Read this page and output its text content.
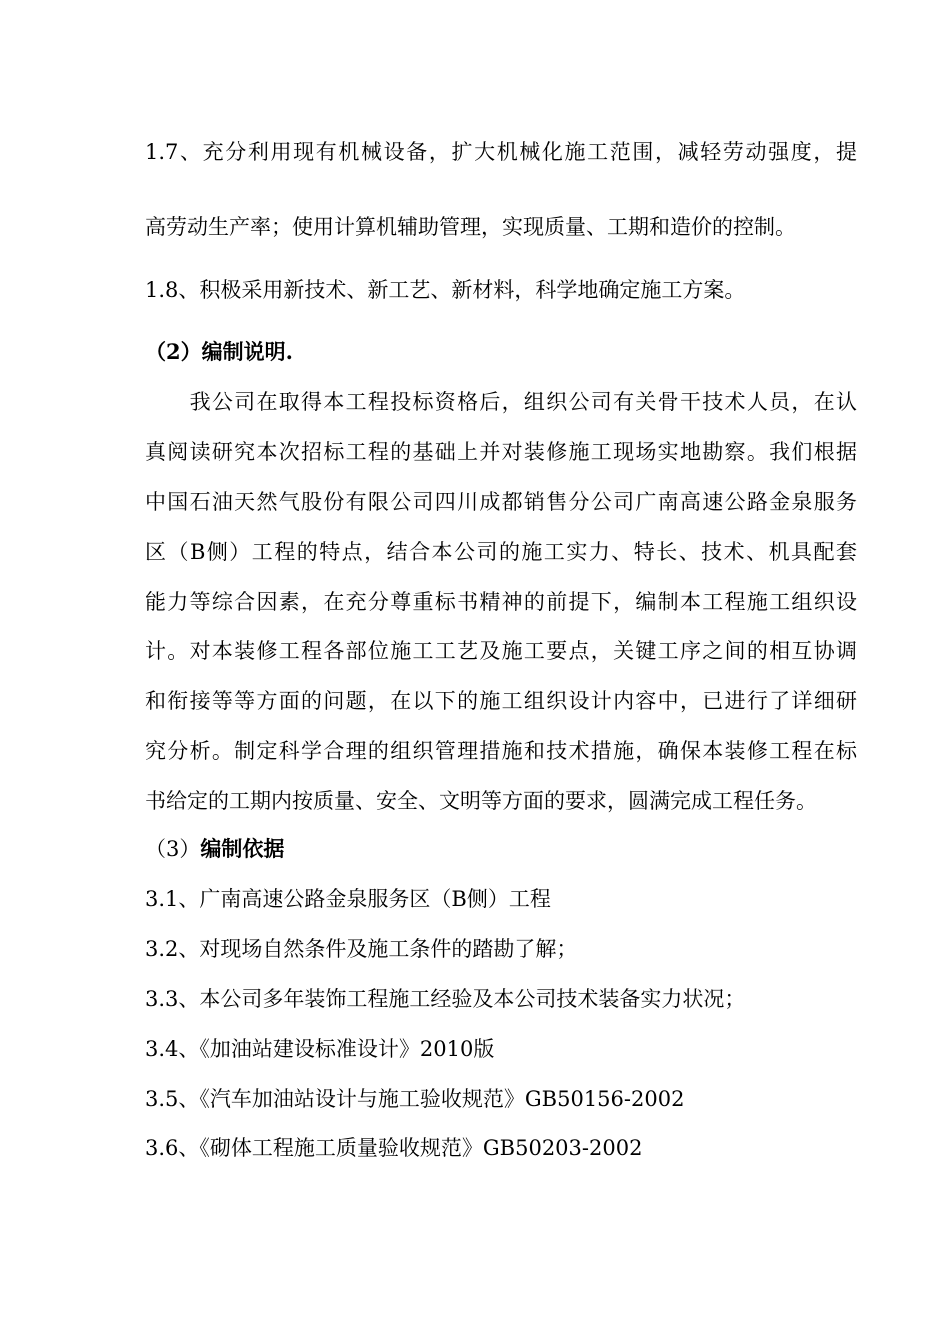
1.7、充分利用现有机械设备，扩大机械化施工范围，减轻劳动强度，提
高劳动生产率；使用计算机辅助管理，实现质量、工期和造价的控制。
1.8、积极采用新技术、新工艺、新材料，科学地确定施工方案。
（2）编制说明.
　　我公司在取得本工程投标资格后，组织公司有关骨干技术人员，在认
真阅读研究本次招标工程的基础上并对装修施工现场实地勘察。我们根据
中国石油天然气股份有限公司四川成都销售分公司广南高速公路金泉服务
区（B侧）工程的特点，结合本公司的施工实力、特长、技术、机具配套
能力等综合因素，在充分尊重标书精神的前提下，编制本工程施工组织设
计。对本装修工程各部位施工工艺及施工要点，关键工序之间的相互协调
和衔接等等方面的问题，在以下的施工组织设计内容中，已进行了详细研
究分析。制定科学合理的组织管理措施和技术措施，确保本装修工程在标
书给定的工期内按质量、安全、文明等方面的要求，圆满完成工程任务。
（3）编制依据
3.1、广南高速公路金泉服务区（B侧）工程
3.2、对现场自然条件及施工条件的踏勘了解；
3.3、本公司多年装饰工程施工经验及本公司技术装备实力状况；
3.4、《加油站建设标准设计》2010版
3.5、《汽车加油站设计与施工验收规范》GB50156-2002
3.6、《砌体工程施工质量验收规范》GB50203-2002
